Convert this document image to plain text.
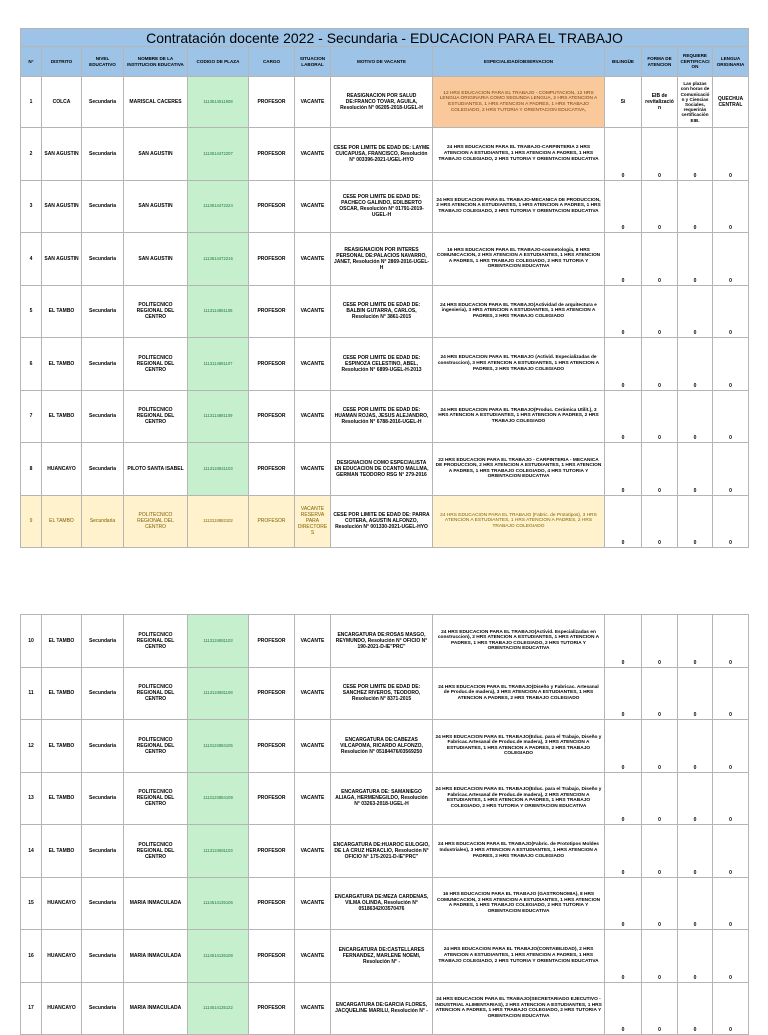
Contratación docente 2022 - Secundaria - EDUCACION PARA EL TRABAJO												
N°	DISTRITO	NIVEL EDUCATIVO	NOMBRE DE LA INSTITUCION EDUCATIVA	CODIGO DE PLAZA	CARGO	SITUACION LABORAL	MOTIVO DE VACANTE	ESPECIALIDAD/OBSERVACION	BILINGÜE	FORMA DE ATENCION	REQUIERE CERTIFICACION	LENGUA ORIGINARIA
1	COLCA	Secundaria	MARISCAL CACERES	1113514511908	PROFESOR	VACANTE	REASIGNACION POR SALUD DE:FRANCO TOVAR, AGUILA, Resolución N° 06205-2018-UGEL-H	12 HRS EDUCACION PARA EL TRABAJO - COMPUTACION, 12 HRS LENGUA ORIGINARIA COMO SEGUNDA LENGUA, 2 HRS ATENCION A ESTUDIANTES, 1 HRS ATENCION A PADRES, 1 HRS TRABAJO COLEGIADO, 2 HRS TUTORIA Y ORIENTACION EDUCATIVA,	Si	EIB de revitalización	Las plazas con horas de Comunicación y Ciencias Sociales, requerirán certificación EIB.	QUECHUA CENTRAL
2	SAN AGUSTIN	Secundaria	SAN AGUSTIN	1113614472207	PROFESOR	VACANTE	CESE POR LIMITE DE EDAD DE: LAYME CUICAPUSA, FRANCISCO, Resolución N° 003396-2021-UGEL-HYO	24 HRS EDUCACION PARA EL TRABAJO-CARPINTERIA 2 HRS ATENCION A ESTUDIANTES, 1 HRS ATENCION A PADRES, 1 HRS TRABAJO COLEGIADO, 2 HRS TUTORIA Y ORIENTACION EDUCATIVA	0	0	0	0
3	SAN AGUSTIN	Secundaria	SAN AGUSTIN	1113614472224	PROFESOR	VACANTE	CESE POR LIMITE DE EDAD DE: PACHECO GALINDO, EDILBERTO OSCAR, Resolución N° 01791-2019-UGEL-H	24 HRS EDUCACION PARA EL TRABAJO-MECANICA DE PRODUCCION, 2 HRS ATENCION A ESTUDIANTES, 1 HRS ATENCION A PADRES, 1 HRS TRABAJO COLEGIADO, 2 HRS TUTORIA Y ORIENTACION EDUCATIVA	0	0	0	0
4	SAN AGUSTIN	Secundaria	SAN AGUSTIN	1113614472216	PROFESOR	VACANTE	REASIGNACION POR INTERES PERSONAL DE:PALACIOS NAVARRO, JANET, Resolución N° 2869-2016-UGEL-H	16 HRS EDUCACION PARA EL TRABAJO-cosmetologia, 8 HRS COMUNICACION, 2 HRS ATENCION A ESTUDIANTES, 1 HRS ATENCION A PADRES, 1 HRS TRABAJO COLEGIADO, 2 HRS TUTORIA Y ORIENTACION EDUCATIVA	0	0	0	0
5	EL TAMBO	Secundaria	POLITECNICO REGIONAL DEL CENTRO	1113114881108	PROFESOR	VACANTE	CESE POR LIMITE DE EDAD DE: BALBIN GUTARRA, CARLOS, Resolución N° 3861-2015	24 HRS EDUCACION PARA EL TRABAJO(Actividad de arquitectura e ingenieria), 3 HRS ATENCION A ESTUDIANTES, 1 HRS ATENCION A PADRES, 2 HRS TRABAJO COLEGIADO	0	0	0	0
6	EL TAMBO	Secundaria	POLITECNICO REGIONAL DEL CENTRO	1113114881107	PROFESOR	VACANTE	CESE POR LIMITE DE EDAD DE: ESPINOZA CELESTINO, ABEL, Resolución N° 6899-UGEL-H-2013	24 HRS EDUCACION PARA EL TRABAJO (Activid. Especializadas de construccion), 3 HRS ATENCION A ESTUDIANTES, 1 HRS ATENCION A PADRES, 2 HRS TRABAJO COLEGIADO	0	0	0	0
7	EL TAMBO	Secundaria	POLITECNICO REGIONAL DEL CENTRO	1113114881109	PROFESOR	VACANTE	CESE POR LIMITE DE EDAD DE: HUAMAN ROJAS, JESUS ALEJANDRO, Resolución N° 6788-2016-UGEL-H	24 HRS EDUCACION PARA EL TRABAJO(Produc. Cerámica Utilit.), 3 HRS ATENCION A ESTUDIANTES, 1 HRS ATENCION A PADRES, 2 HRS TRABAJO COLEGIADO	0	0	0	0
8	HUANCAYO	Secundaria	PILOTO SANTA ISABEL	1113124821103	PROFESOR	VACANTE	DESIGNACION COMO ESPECIALISTA EN EDUCACION DE CCANTO MALLMA, GERMAN TEODORO RSG N° 279-2016	22 HRS EDUCACION PARA EL TRABAJO - CARPINTERIA - MECANICA DE PRODUCCION, 2 HRS ATENCION A ESTUDIANTES, 1 HRS ATENCION A PADRES, 1 HRS TRABAJO COLEGIADO, 4 HRS TUTORIA Y ORIENTACION EDUCATIVA	0	0	0	0
9	EL TAMBO	Secundaria	POLITECNICO REGIONAL DEL CENTRO	1113124882102	PROFESOR	VACANTE RESERVA PARA DIRECTORES	CESE POR LIMITE DE EDAD DE: PARRA COTERA, AGUSTIN ALFONZO, Resolución N° 001330-2021-UGEL-HYO	24 HRS EDUCACION PARA EL TRABAJO (Fabric. de Prototipos), 3 HRS ATENCION A ESTUDIANTES, 1 HRS ATENCION A PADRES, 2 HRS TRABAJO COLEGIADO	0	0	0	0
10	EL TAMBO	Secundaria	POLITECNICO REGIONAL DEL CENTRO	1113124881103	PROFESOR	VACANTE	ENCARGATURA DE:ROSAS MASGO, REYMUNDO, Resolución N° OFICIO N° 190-2021-D-IE"PRC"	24 HRS EDUCACION PARA EL TRABAJO(Activid. Especializadas en construccion), 2 HRS ATENCION A ESTUDIANTES, 1 HRS ATENCION A PADRES, 1 HRS TRABAJO COLEGIADO, 2 HRS TUTORIA Y ORIENTACION EDUCATIVA	0	0	0	0
11	EL TAMBO	Secundaria	POLITECNICO REGIONAL DEL CENTRO	1113124881108	PROFESOR	VACANTE	CESE POR LIMITE DE EDAD DE: SANCHEZ RIVEROS, TEODORO, Resolución N° 8371-2015	24 HRS EDUCACION PARA EL TRABAJO(Diseño y Fabricac. Artesanal de Produc.de madera), 3 HRS ATENCION A ESTUDIANTES, 1 HRS ATENCION A PADRES, 2 HRS TRABAJO COLEGIADO	0	0	0	0
12	EL TAMBO	Secundaria	POLITECNICO REGIONAL DEL CENTRO	1113124884105	PROFESOR	VACANTE	ENCARGATURA DE:CABEZAS VILCAPOMA, RICARDO ALFONZO, Resolución N° 05184476/03569250	24 HRS EDUCACION PARA EL TRABAJO(Educ. para el Trabajo, Diseño y Fabricac.Artesanal de Produc.de madera), 3 HRS ATENCION A ESTUDIANTES, 1 HRS ATENCION A PADRES, 2 HRS TRABAJO COLEGIADO	0	0	0	0
13	EL TAMBO	Secundaria	POLITECNICO REGIONAL DEL CENTRO	1113124884109	PROFESOR	VACANTE	ENCARGATURA DE: SAMANIEGO ALIAGA, HERMENEGILDO, Resolución N° 03263-2018-UGEL-H	24 HRS EDUCACION PARA EL TRABAJO(Educ. para el Trabajo, Diseño y Fabricac.Artesanal de Produc.de madera), 2 HRS ATENCION A ESTUDIANTES, 1 HRS ATENCION A PADRES, 1 HRS TRABAJO COLEGIADO, 2 HRS TUTORIA Y ORIENTACION EDUCATIVA	0	0	0	0
14	EL TAMBO	Secundaria	POLITECNICO REGIONAL DEL CENTRO	1113124881103	PROFESOR	VACANTE	ENCARGATURA DE:HUAROC EULOGIO, DE LA CRUZ HERACLIO, Resolución N° OFICIO N° 175-2021-D-IE"PRC"	24 HRS EDUCACION PARA EL TRABAJO(Fabric. de Prototipos Moldes Industriales), 3 HRS ATENCION A ESTUDIANTES, 1 HRS ATENCION A PADRES, 2 HRS TRABAJO COLEGIADO	0	0	0	0
15	HUANCAYO	Secundaria	MARIA INMACULADA	1114514135106	PROFESOR	VACANTE	ENCARGATURA DE:MEZA CARDENAS, VILMA OLINDA, Resolución N° 05186342/03570476	16 HRS EDUCACION PARA EL TRABAJO (GASTRONOMIA), 8 HRS COMUNICACION, 2 HRS ATENCION A ESTUDIANTES, 1 HRS ATENCION A PADRES, 1 HRS TRABAJO COLEGIADO, 2 HRS TUTORIA Y ORIENTACION EDUCATIVA	0	0	0	0
16	HUANCAYO	Secundaria	MARIA INMACULADA	1114514135108	PROFESOR	VACANTE	ENCARGATURA DE:CASTELLARES FERNANDEZ, MARLENE NOEMI, Resolución N° -	24 HRS EDUCACION PARA EL TRABAJO(CONTABILIDAD), 2 HRS ATENCION A ESTUDIANTES, 1 HRS ATENCION A PADRES, 1 HRS TRABAJO COLEGIADO, 2 HRS TUTORIA Y ORIENTACION EDUCATIVA	0	0	0	0
17	HUANCAYO	Secundaria	MARIA INMACULADA	1114514135122	PROFESOR	VACANTE	ENCARGATURA DE:GARCIA FLORES, JACQUELINE MARILU, Resolución N° -	24 HRS EDUCACION PARA EL TRABAJO(SECRETARIADO EJECUTIVO - INDUSTRIAL ALIMENTARIAS), 2 HRS ATENCION A ESTUDIANTES, 1 HRS ATENCION A PADRES, 1 HRS TRABAJO COLEGIADO, 2 HRS TUTORIA Y ORIENTACION EDUCATIVA	0	0	0	0
